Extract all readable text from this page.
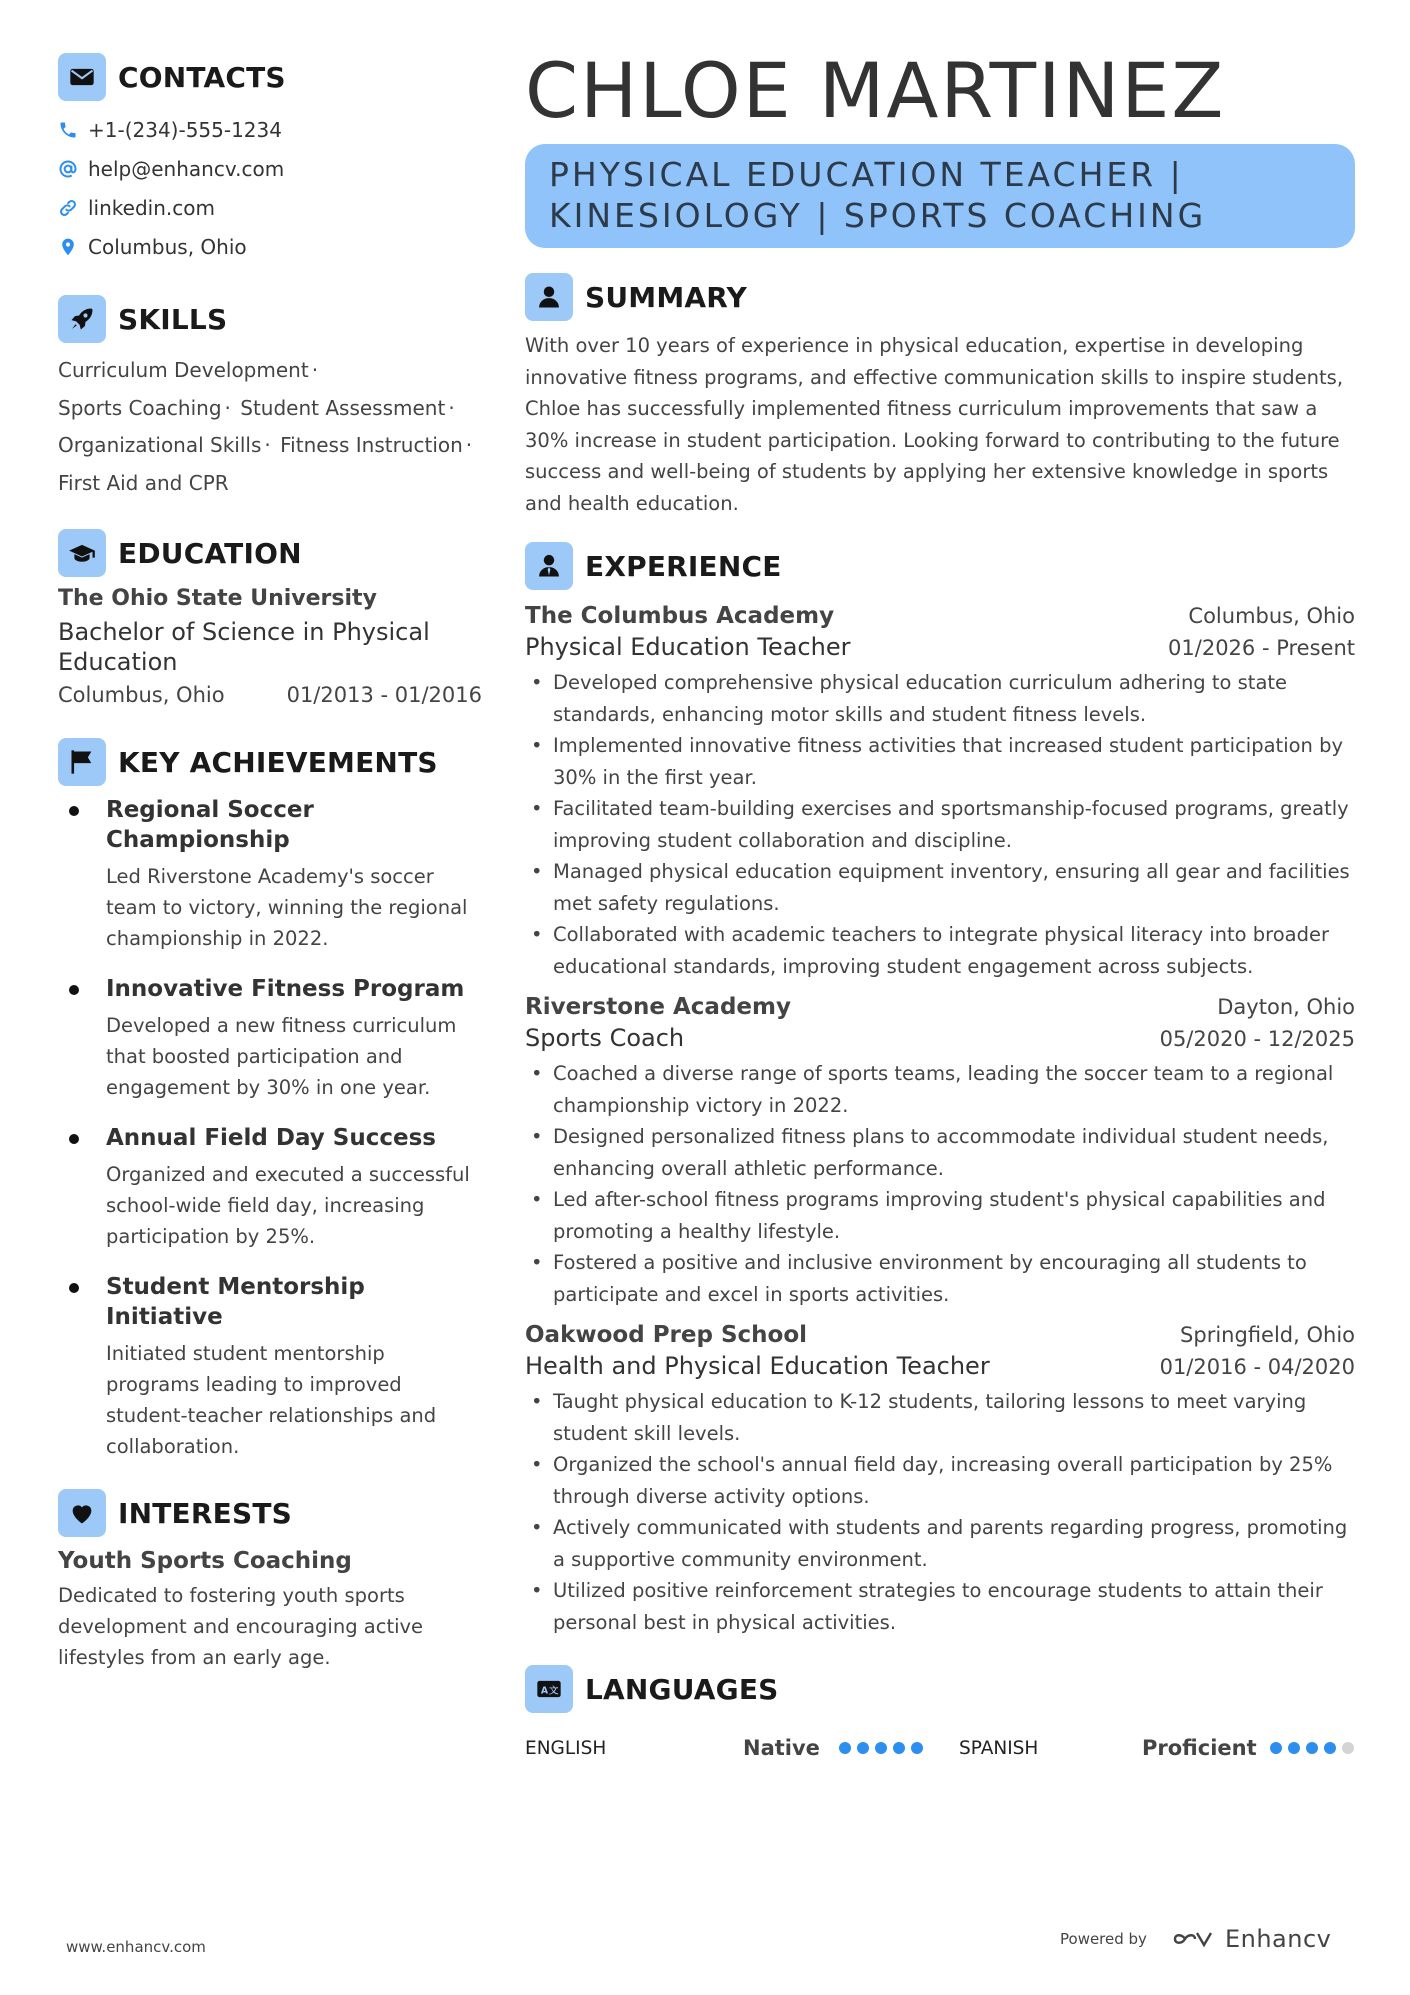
CONTACTS
+1-(234)-555-1234
help@enhancv.com
linkedin.com
Columbus, Ohio
SKILLS
Curriculum Development ·
Sports Coaching · Student Assessment ·
Organizational Skills · Fitness Instruction ·
First Aid and CPR
EDUCATION
The Ohio State University
Bachelor of Science in Physical Education
Columbus, Ohio	01/2013 - 01/2016
KEY ACHIEVEMENTS
Regional Soccer Championship
Led Riverstone Academy's soccer team to victory, winning the regional championship in 2022.
Innovative Fitness Program
Developed a new fitness curriculum that boosted participation and engagement by 30% in one year.
Annual Field Day Success
Organized and executed a successful school-wide field day, increasing participation by 25%.
Student Mentorship Initiative
Initiated student mentorship programs leading to improved student-teacher relationships and collaboration.
INTERESTS
Youth Sports Coaching
Dedicated to fostering youth sports development and encouraging active lifestyles from an early age.
CHLOE MARTINEZ
PHYSICAL EDUCATION TEACHER | KINESIOLOGY | SPORTS COACHING
SUMMARY

With over 10 years of experience in physical education, expertise in developing innovative fitness programs, and effective communication skills to inspire students, Chloe has successfully implemented fitness curriculum improvements that saw a 30% increase in student participation. Looking forward to contributing to the future success and well-being of students by applying her extensive knowledge in sports and health education.

EXPERIENCE
The Columbus Academy	Columbus, Ohio
Physical Education Teacher	01/2026 - Present
• Developed comprehensive physical education curriculum adhering to state standards, enhancing motor skills and student fitness levels.
• Implemented innovative fitness activities that increased student participation by 30% in the first year.
• Facilitated team-building exercises and sportsmanship-focused programs, greatly improving student collaboration and discipline.
• Managed physical education equipment inventory, ensuring all gear and facilities met safety regulations.
• Collaborated with academic teachers to integrate physical literacy into broader educational standards, improving student engagement across subjects.
Riverstone Academy	Dayton, Ohio
Sports Coach	05/2020 - 12/2025
• Coached a diverse range of sports teams, leading the soccer team to a regional championship victory in 2022.
• Designed personalized fitness plans to accommodate individual student needs, enhancing overall athletic performance.
• Led after-school fitness programs improving student's physical capabilities and promoting a healthy lifestyle.
• Fostered a positive and inclusive environment by encouraging all students to participate and excel in sports activities.
Oakwood Prep School	Springfield, Ohio
Health and Physical Education Teacher	01/2016 - 04/2020
• Taught physical education to K-12 students, tailoring lessons to meet varying student skill levels.
• Organized the school's annual field day, increasing overall participation by 25% through diverse activity options.
• Actively communicated with students and parents regarding progress, promoting a supportive community environment.
• Utilized positive reinforcement strategies to encourage students to attain their personal best in physical activities.
A 文 LANGUAGES
ENGLISH	Native	SPANISH	Proficient
www.enhancv.com	Powered by	Enhancv
